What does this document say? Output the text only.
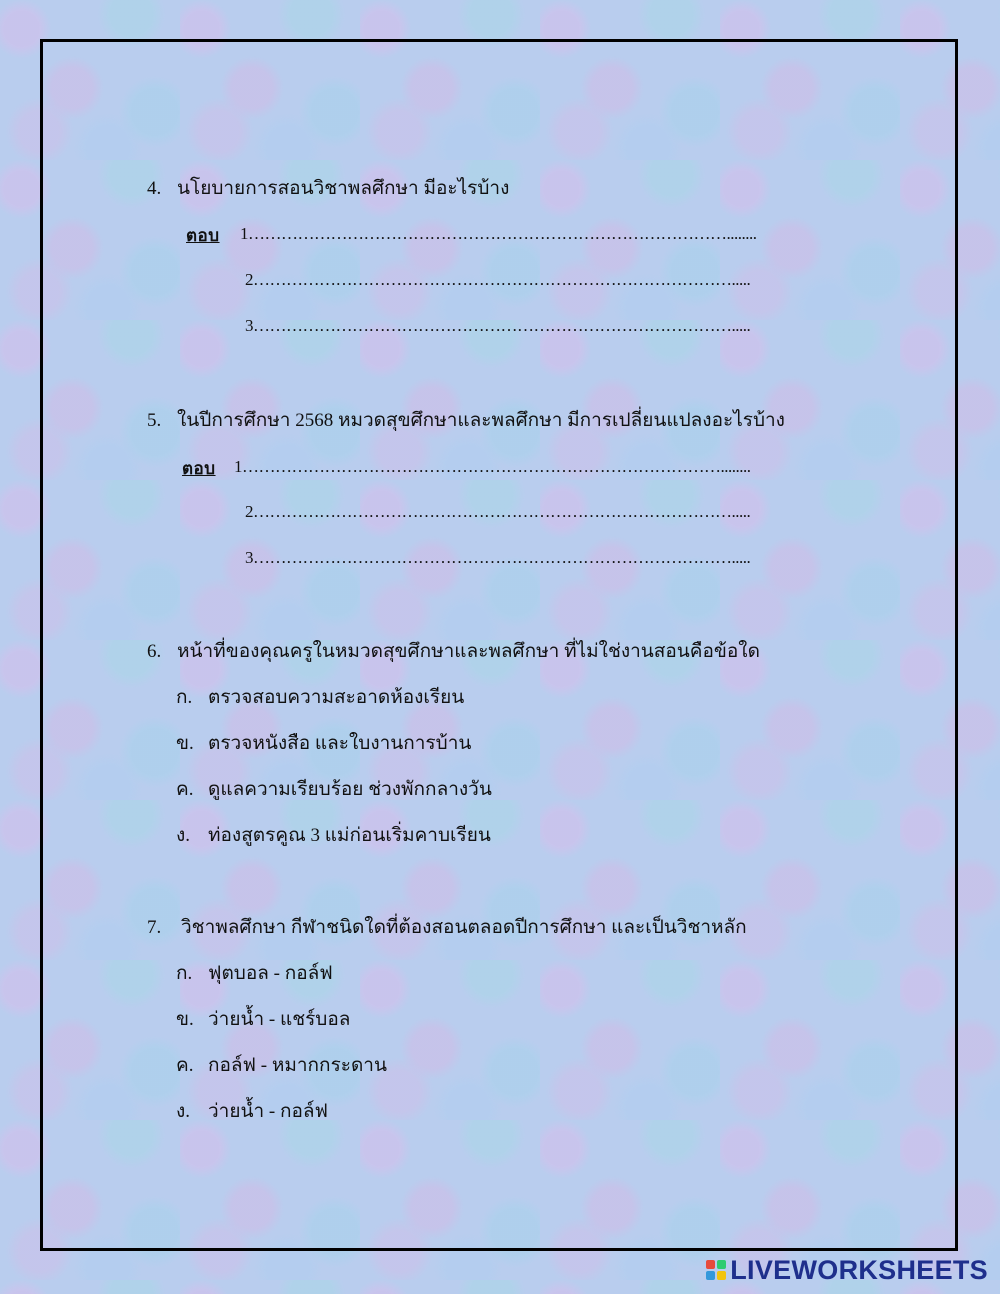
4. นโยบายการสอนวิชาพลศึกษา มีอะไรบ้าง
ตอบ	1……………………………………………………………………………........
2…………………………………………………………………………….....
3…………………………………………………………………………….....
5. ในปีการศึกษา 2568 หมวดสุขศึกษาและพลศึกษา มีการเปลี่ยนแปลงอะไรบ้าง
ตอบ	1……………………………………………………………………………........
2…………………………………………………………………………….....
3…………………………………………………………………………….....
6. หน้าที่ของคุณครูในหมวดสุขศึกษาและพลศึกษา ที่ไม่ใช่งานสอนคือข้อใด
ก. ตรวจสอบความสะอาดห้องเรียน
ข. ตรวจหนังสือ และใบงานการบ้าน
ค. ดูแลความเรียบร้อย ช่วงพักกลางวัน
ง. ท่องสูตรคูณ 3 แม่ก่อนเริ่มคาบเรียน
7. วิชาพลศึกษา กีฬาชนิดใดที่ต้องสอนตลอดปีการศึกษา และเป็นวิชาหลัก
ก. ฟุตบอล - กอล์ฟ
ข. ว่ายน้ำ - แชร์บอล
ค. กอล์ฟ - หมากกระดาน
ง. ว่ายน้ำ - กอล์ฟ
LIVEWORKSHEETS
